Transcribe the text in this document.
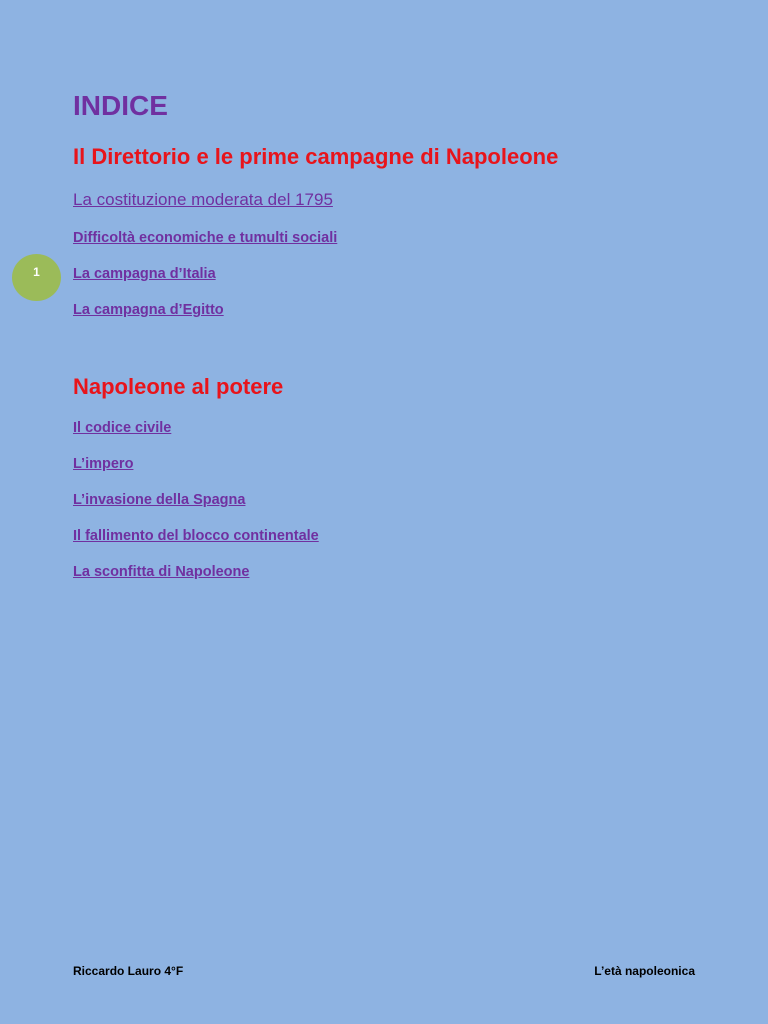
INDICE
1
Il Direttorio e le prime campagne di Napoleone
La costituzione moderata del 1795
Difficoltà economiche e tumulti sociali
La campagna d’Italia
La campagna d’Egitto
Napoleone al potere
Il codice civile
L’impero
L’invasione della Spagna
Il fallimento del blocco continentale
La sconfitta di Napoleone
Riccardo Lauro 4°F	L’età napoleonica
